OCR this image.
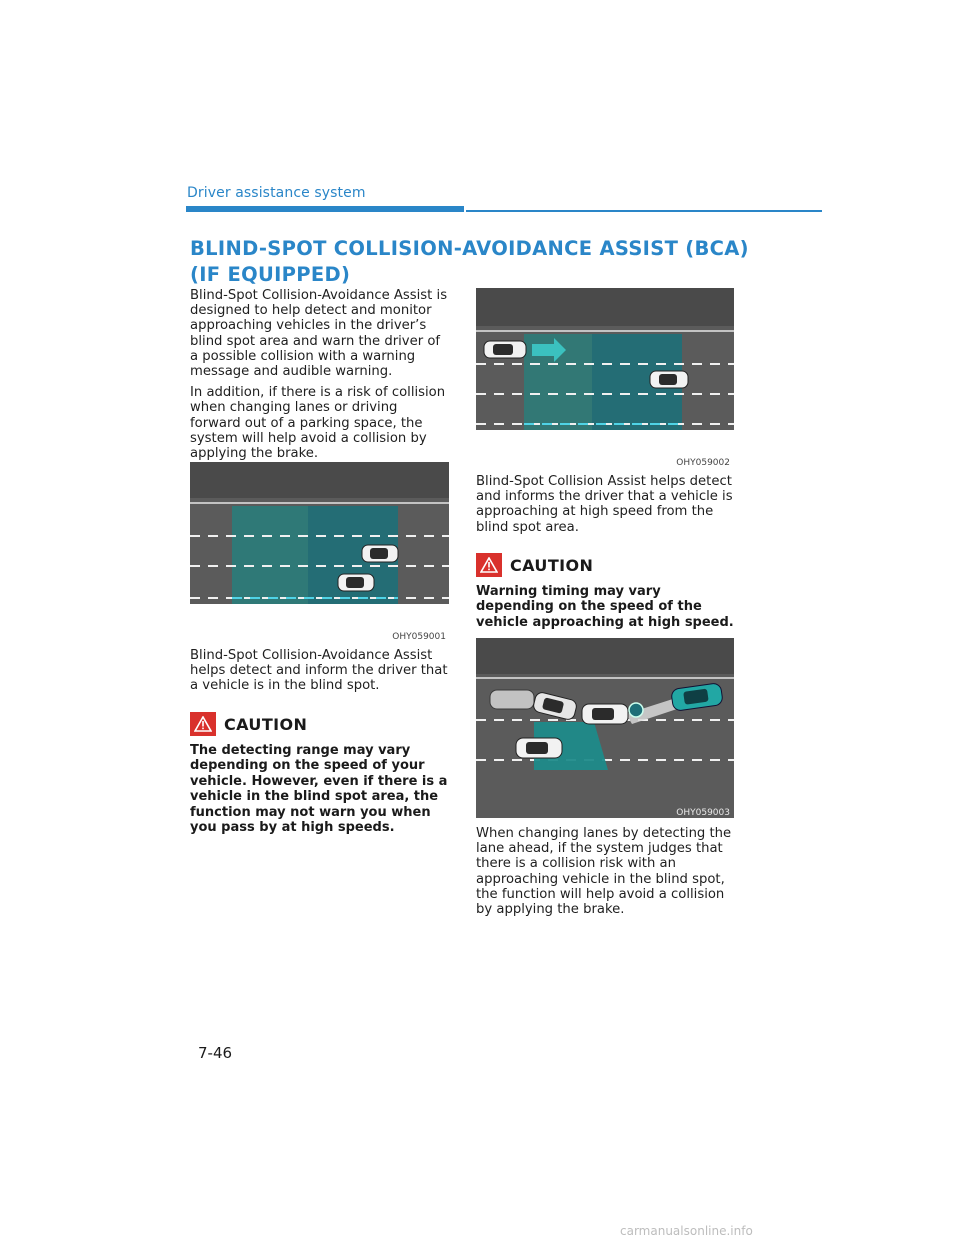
Driver assistance system
BLIND-SPOT COLLISION-AVOIDANCE ASSIST (BCA) (IF EQUIPPED)

Blind-Spot Collision-Avoidance Assist is designed to help detect and monitor approaching vehicles in the driver’s blind spot area and warn the driver of a possible collision with a warning message and audible warning.

In addition, if there is a risk of collision when changing lanes or driving forward out of a parking space, the system will help avoid a collision by applying the brake.

OHY059001

Blind-Spot Collision-Avoidance Assist helps detect and inform the driver that a vehicle is in the blind spot.

CAUTION

The detecting range may vary depending on the speed of your vehicle. However, even if there is a vehicle in the blind spot area, the function may not warn you when you pass by at high speeds.

OHY059002

Blind-Spot Collision Assist helps detect and informs the driver that a vehicle is approaching at high speed from the blind spot area.

CAUTION

Warning timing may vary depending on the speed of the vehicle approaching at high speed.

OHY059003

When changing lanes by detecting the lane ahead, if the system judges that there is a collision risk with an approaching vehicle in the blind spot, the function will help avoid a collision by applying the brake.

7-46
carmanualsonline.info
